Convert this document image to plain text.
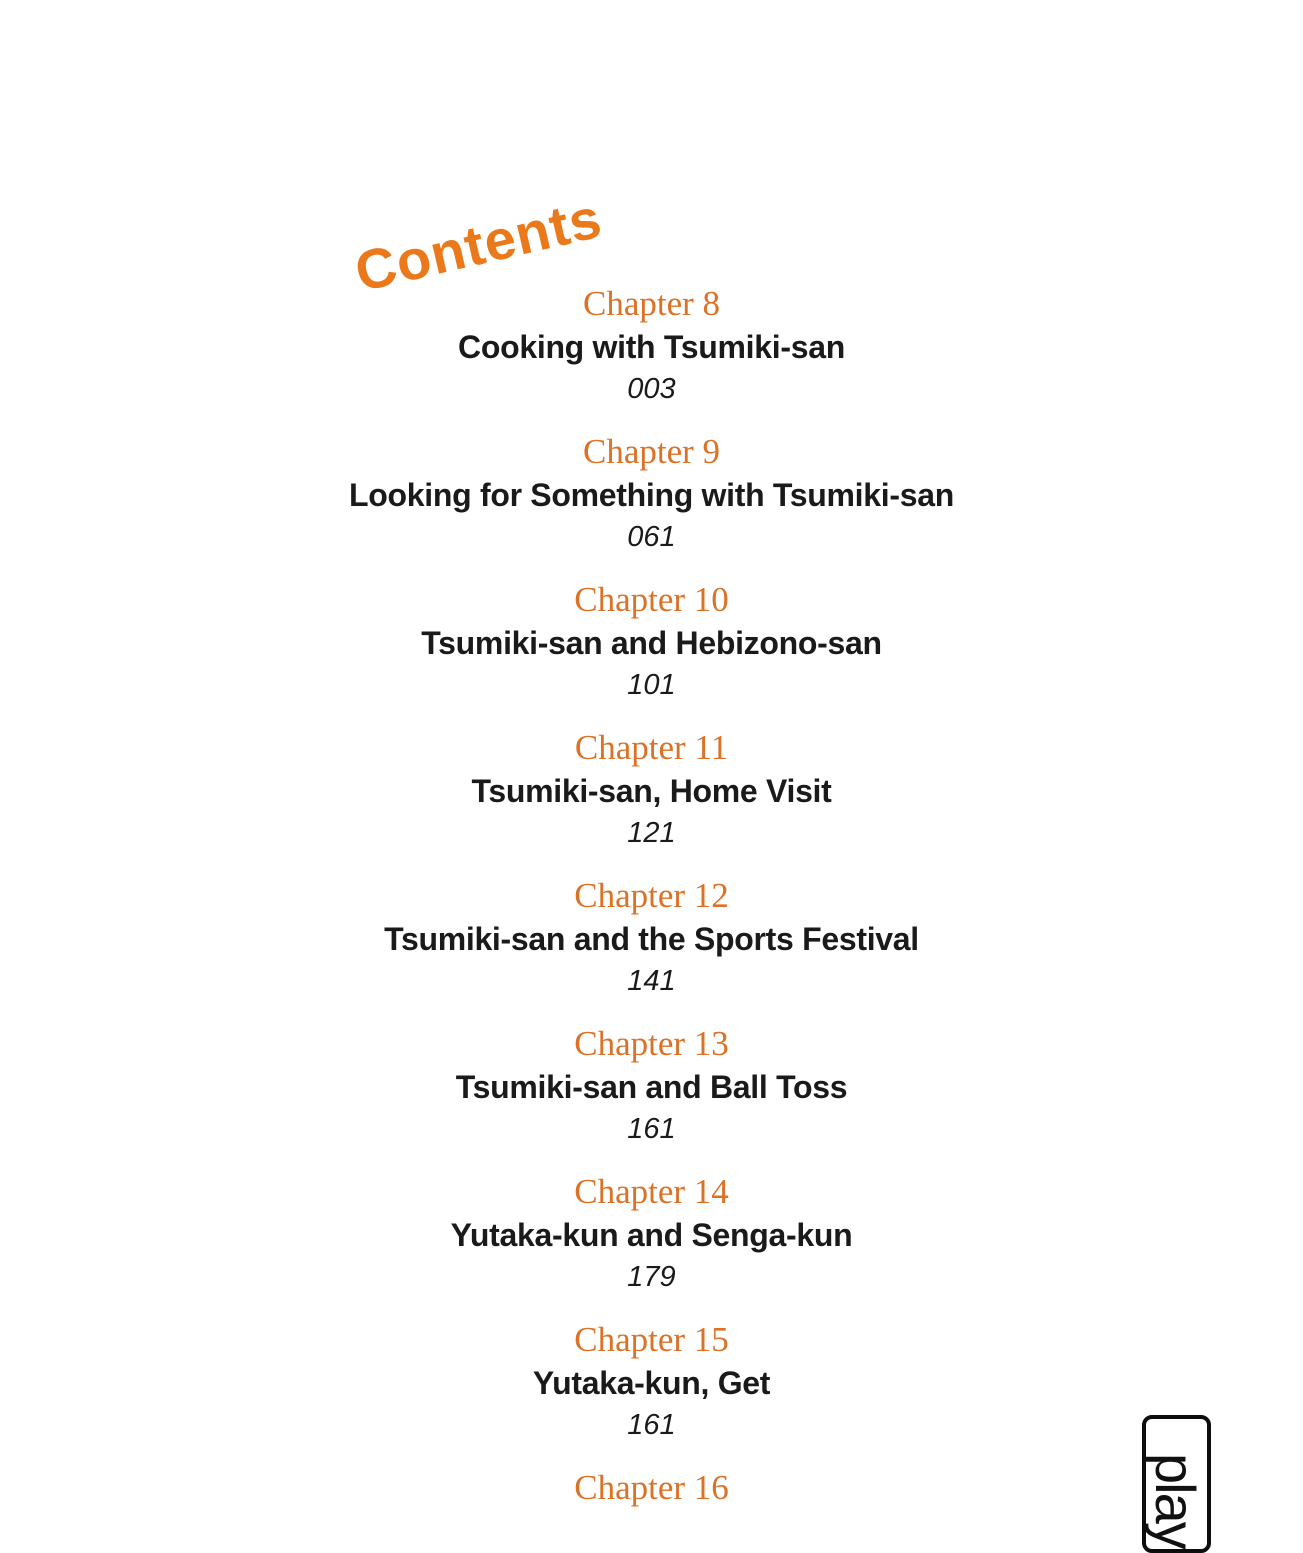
Contents
Chapter 8
Cooking with Tsumiki-san
003
Chapter 9
Looking for Something with Tsumiki-san
061
Chapter 10
Tsumiki-san and Hebizono-san
101
Chapter 11
Tsumiki-san, Home Visit
121
Chapter 12
Tsumiki-san and the Sports Festival
141
Chapter 13
Tsumiki-san and Ball Toss
161
Chapter 14
Yutaka-kun and Senga-kun
179
Chapter 15
Yutaka-kun, Get
161
Chapter 16	play
